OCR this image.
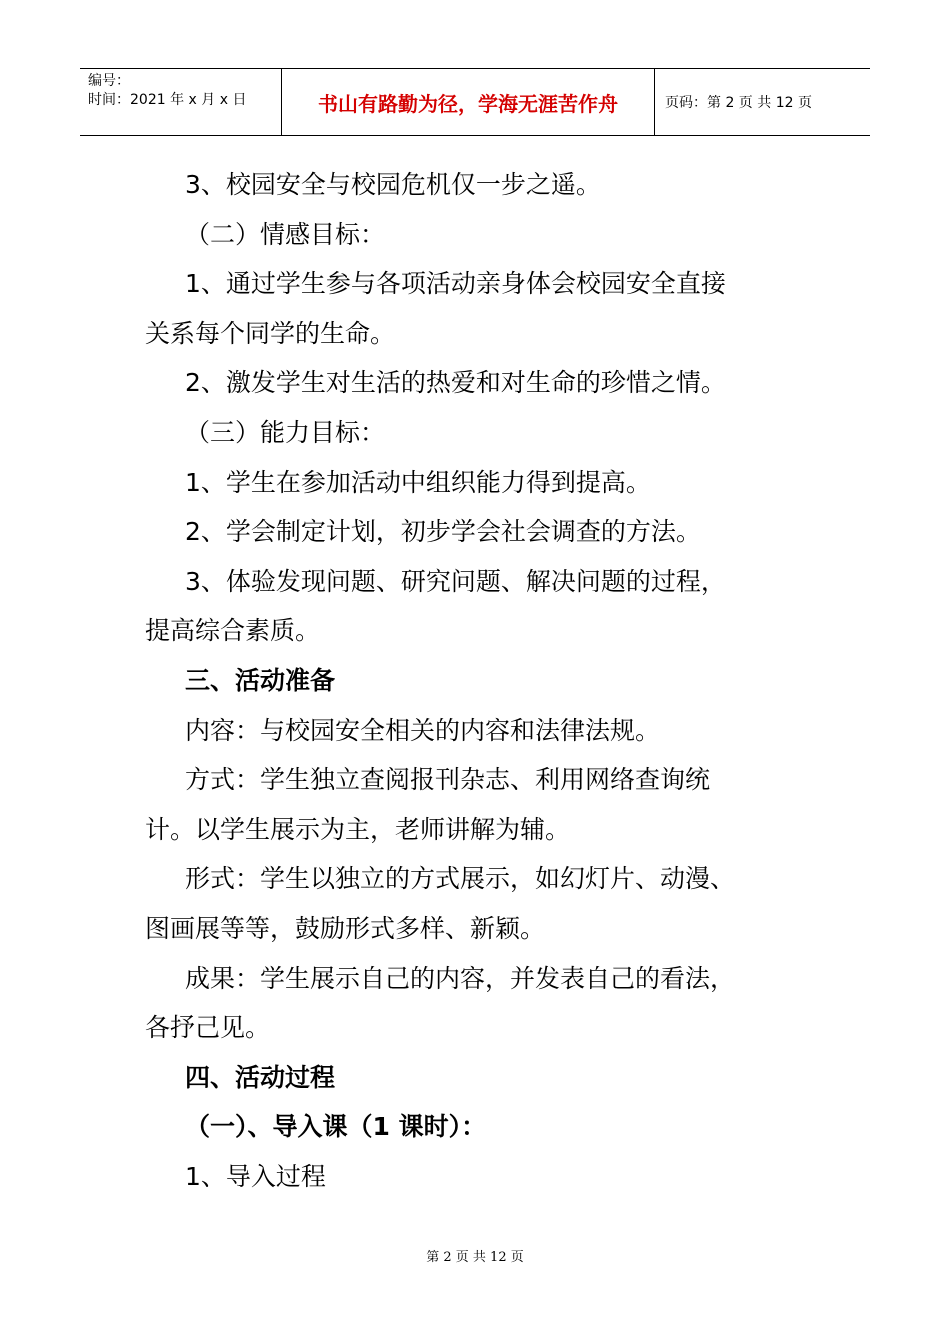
编号：
时间：2021 年 x 月 x 日	书山有路勤为径，学海无涯苦作舟	页码：第 2 页 共 12 页
3、校园安全与校园危机仅一步之遥。
（二）情感目标：
1、通过学生参与各项活动亲身体会校园安全直接
关系每个同学的生命。
2、激发学生对生活的热爱和对生命的珍惜之情。
（三）能力目标：
1、学生在参加活动中组织能力得到提高。
2、学会制定计划，初步学会社会调查的方法。
3、体验发现问题、研究问题、解决问题的过程，
提高综合素质。
三、活动准备
内容：与校园安全相关的内容和法律法规。
方式：学生独立查阅报刊杂志、利用网络查询统
计。以学生展示为主，老师讲解为辅。
形式：学生以独立的方式展示，如幻灯片、动漫、
图画展等等，鼓励形式多样、新颖。
成果：学生展示自己的内容，并发表自己的看法，
各抒己见。
四、活动过程
（一）、导入课（1 课时）：
1、导入过程
第 2 页 共 12 页
